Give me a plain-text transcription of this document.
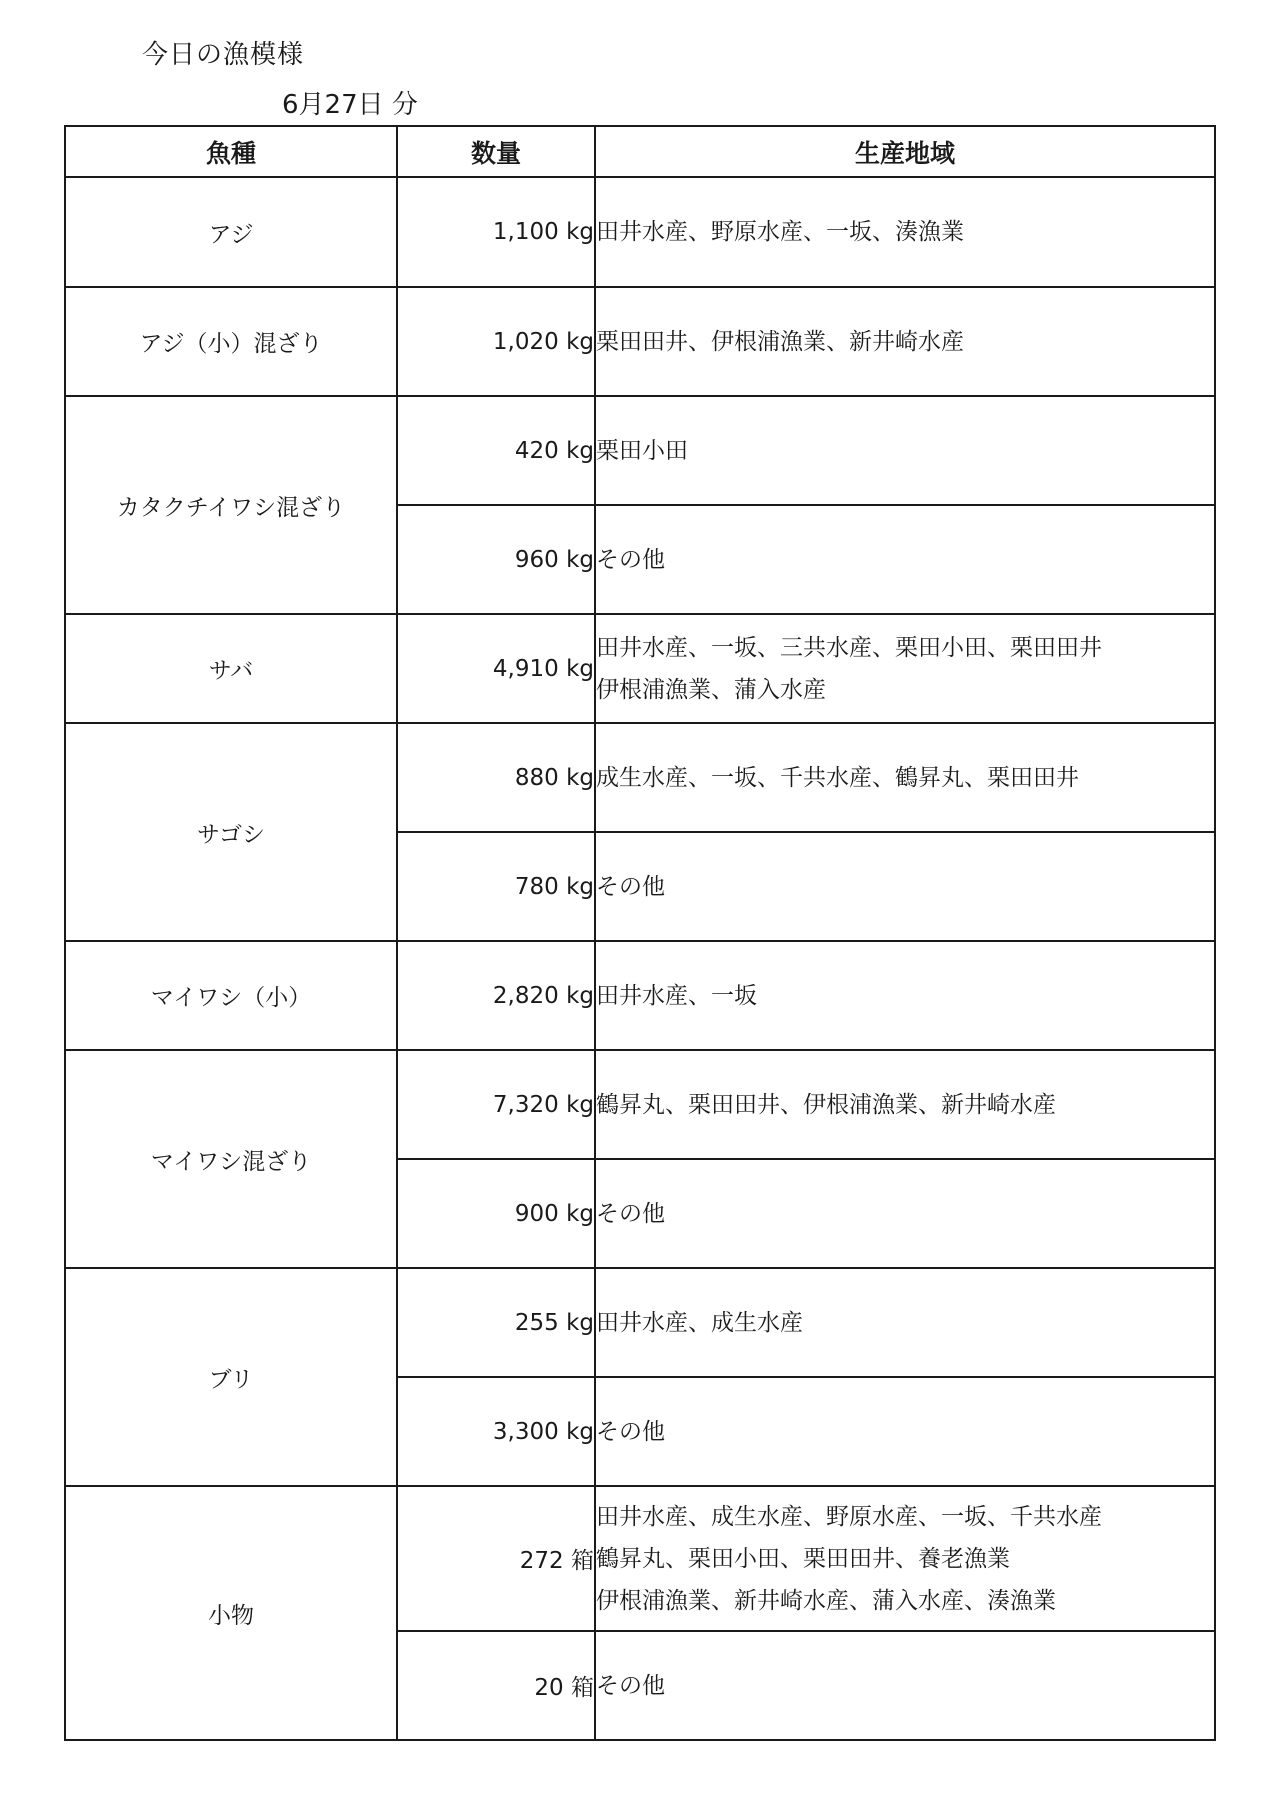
今日の漁模様
6月27日 分
魚種	数量	生産地域
アジ	1,100 kg	田井水産、野原水産、一坂、湊漁業

アジ（小）混ざり	1,020 kg	栗田田井、伊根浦漁業、新井崎水産

カタクチイワシ混ざり	420 kg	栗田小田

	960 kg	その他

サバ	4,910 kg	田井水産、一坂、三共水産、栗田小田、栗田田井
伊根浦漁業、蒲入水産

サゴシ	880 kg	成生水産、一坂、千共水産、鶴昇丸、栗田田井

	780 kg	その他

マイワシ（小）	2,820 kg	田井水産、一坂

マイワシ混ざり	7,320 kg	鶴昇丸、栗田田井、伊根浦漁業、新井崎水産

	900 kg	その他

ブリ	255 kg	田井水産、成生水産

	3,300 kg	その他

小物	272 箱	田井水産、成生水産、野原水産、一坂、千共水産
鶴昇丸、栗田小田、栗田田井、養老漁業
伊根浦漁業、新井崎水産、蒲入水産、湊漁業

	20 箱	その他
